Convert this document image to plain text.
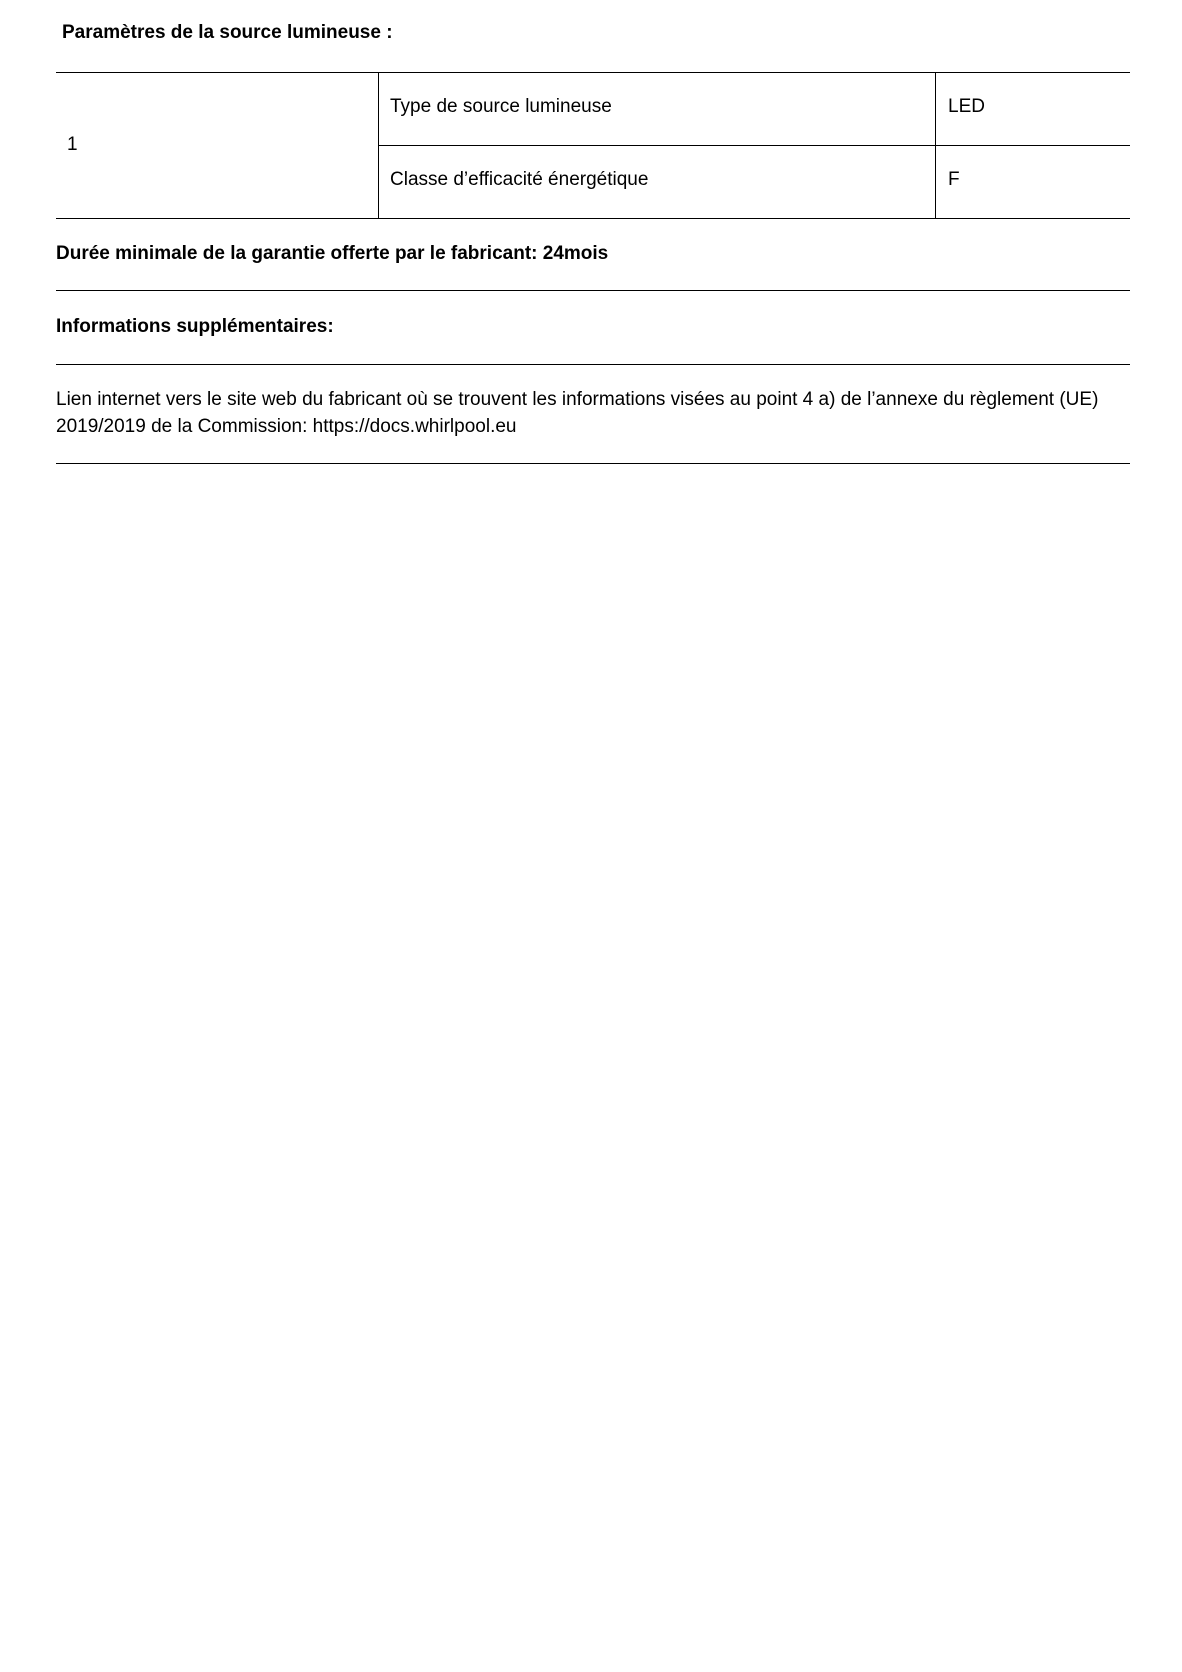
Paramètres de la source lumineuse :
1
Type de source lumineuse	LED
Classe d’efficacité énergétique	F
Durée minimale de la garantie offerte par le fabricant: 24mois
Informations supplémentaires:
Lien internet vers le site web du fabricant où se trouvent les informations visées au point 4 a) de l’annexe du règlement (UE) 2019/2019 de la Commission: https://docs.whirlpool.eu
